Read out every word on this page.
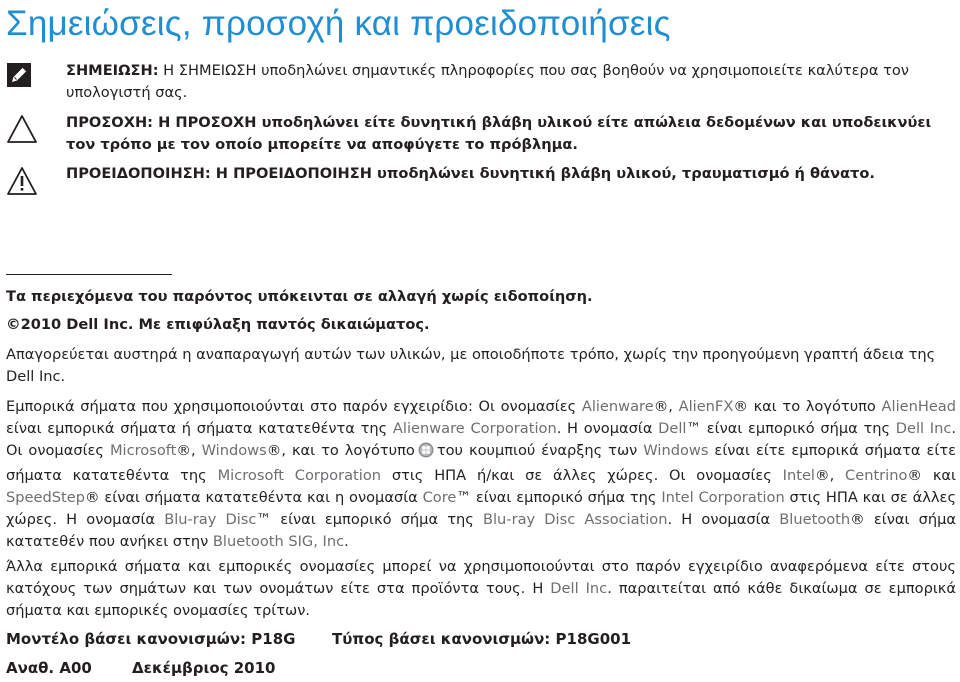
Σημειώσεις, προσοχή και προειδοποιήσεις
ΣΗΜΕΙΩΣΗ: Η ΣΗΜΕΙΩΣΗ υποδηλώνει σημαντικές πληροφορίες που σας βοηθούν να χρησιμοποιείτε καλύτερα τον υπολογιστή σας.
ΠΡΟΣΟΧΗ: Η ΠΡΟΣΟΧΗ υποδηλώνει είτε δυνητική βλάβη υλικού είτε απώλεια δεδομένων και υποδεικνύει τον τρόπο με τον οποίο μπορείτε να αποφύγετε το πρόβλημα.
ΠΡΟΕΙΔΟΠΟΙΗΣΗ: Η ΠΡΟΕΙΔΟΠΟΙΗΣΗ υποδηλώνει δυνητική βλάβη υλικού, τραυματισμό ή θάνατο.

Τα περιεχόμενα του παρόντος υπόκεινται σε αλλαγή χωρίς ειδοποίηση.

©2010 Dell Inc. Με επιφύλαξη παντός δικαιώματος.

Απαγορεύεται αυστηρά η αναπαραγωγή αυτών των υλικών, με οποιοδήποτε τρόπο, χωρίς την προηγούμενη γραπτή άδεια της Dell Inc.

Εμπορικά σήματα που χρησιμοποιούνται στο παρόν εγχειρίδιο: Οι ονομασίες Alienware®, AlienFX® και το λογότυπο AlienHead είναι εμπορικά σήματα ή σήματα κατατεθέντα της Alienware Corporation. Η ονομασία Dell™ είναι εμπορικό σήμα της Dell Inc. Οι ονομασίες Microsoft®, Windows®, και το λογότυπο του κουμπιού έναρξης των Windows είναι είτε εμπορικά σήματα είτε σήματα κατατεθέντα της Microsoft Corporation στις ΗΠΑ ή/και σε άλλες χώρες. Οι ονομασίες Intel®, Centrino® και SpeedStep® είναι σήματα κατατεθέντα και η ονομασία Core™ είναι εμπορικό σήμα της Intel Corporation στις ΗΠΑ και σε άλλες χώρες. Η ονομασία Blu-ray Disc™ είναι εμπορικό σήμα της Blu-ray Disc Association. Η ονομασία Bluetooth® είναι σήμα κατατεθέν που ανήκει στην Bluetooth SIG, Inc.

Άλλα εμπορικά σήματα και εμπορικές ονομασίες μπορεί να χρησιμοποιούνται στο παρόν εγχειρίδιο αναφερόμενα είτε στους κατόχους των σημάτων και των ονομάτων είτε στα προϊόντα τους. Η Dell Inc. παραιτείται από κάθε δικαίωμα σε εμπορικά σήματα και εμπορικές ονομασίες τρίτων.

Μοντέλο βάσει κανονισμών: P18G Τύπος βάσει κανονισμών: P18G001
Αναθ. A00	Δεκέμβριος 2010
